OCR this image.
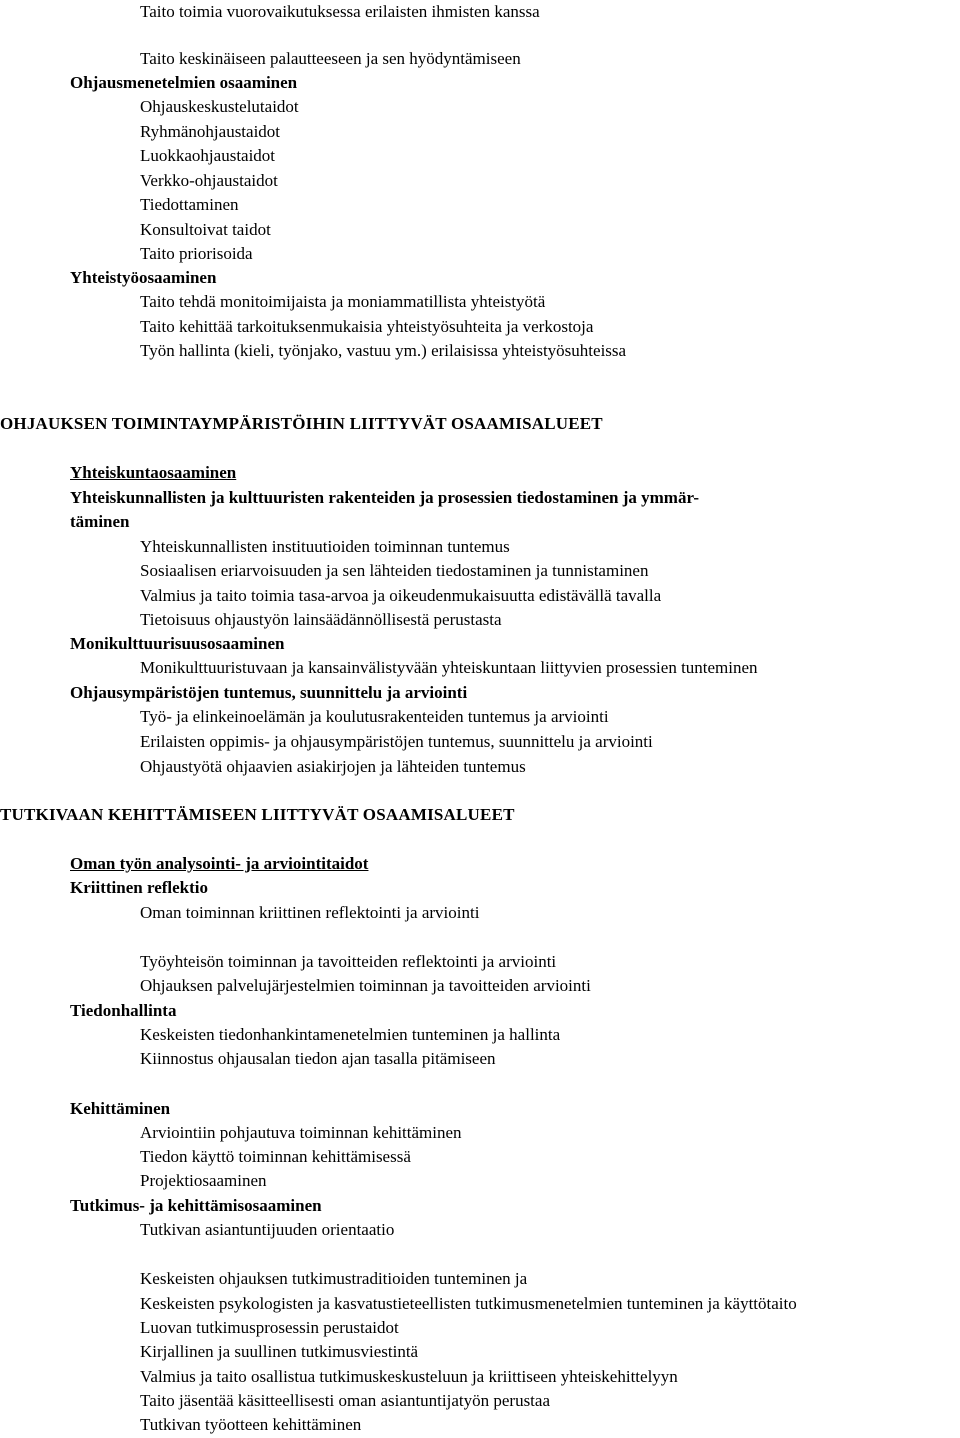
Taito toimia vuorovaikutuksessa erilaisten ihmisten kanssa
Taito keskinäiseen palautteeseen ja sen hyödyntämiseen
Ohjausmenetelmien osaaminen
Ohjauskeskustelutaidot
Ryhmänohjaustaidot
Luokkaohjaustaidot
Verkko-ohjaustaidot
Tiedottaminen
Konsultoivat taidot
Taito priorisoida
Yhteistyöosaaminen
Taito tehdä monitoimijaista ja moniammatillista yhteistyötä
Taito kehittää tarkoituksenmukaisia yhteistyösuhteita ja verkostoja
Työn hallinta (kieli, työnjako, vastuu ym.) erilaisissa yhteistyösuhteissa
OHJAUKSEN TOIMINTAYMPÄRISTÖIHIN LIITTYVÄT OSAAMISALUEET
Yhteiskuntaosaaminen
Yhteiskunnallisten ja kulttuuristen rakenteiden ja prosessien tiedostaminen ja ymmär-
täminen
Yhteiskunnallisten instituutioiden toiminnan tuntemus
Sosiaalisen eriarvoisuuden ja sen lähteiden tiedostaminen ja tunnistaminen
Valmius ja taito toimia tasa-arvoa ja oikeudenmukaisuutta edistävällä tavalla
Tietoisuus ohjaustyön lainsäädännöllisestä perustasta
Monikulttuurisuusosaaminen
Monikulttuuristuvaan ja kansainvälistyvään yhteiskuntaan liittyvien prosessien tunteminen
Ohjausympäristöjen tuntemus, suunnittelu ja arviointi
Työ- ja elinkeinoelämän ja koulutusrakenteiden tuntemus ja arviointi
Erilaisten oppimis- ja ohjausympäristöjen tuntemus, suunnittelu ja arviointi
Ohjaustyötä ohjaavien asiakirjojen ja lähteiden tuntemus
TUTKIVAAN KEHITTÄMISEEN LIITTYVÄT OSAAMISALUEET
Oman työn analysointi- ja arviointitaidot
Kriittinen reflektio
Oman toiminnan kriittinen reflektointi ja arviointi
Työyhteisön toiminnan ja tavoitteiden reflektointi ja arviointi
Ohjauksen palvelujärjestelmien toiminnan ja tavoitteiden arviointi
Tiedonhallinta
Keskeisten tiedonhankintamenetelmien tunteminen ja hallinta
Kiinnostus ohjausalan tiedon ajan tasalla pitämiseen
Kehittäminen
Arviointiin pohjautuva toiminnan kehittäminen
Tiedon käyttö toiminnan kehittämisessä
Projektiosaaminen
Tutkimus- ja kehittämisosaaminen
Tutkivan asiantuntijuuden orientaatio
Keskeisten ohjauksen tutkimustraditioiden tunteminen ja
Keskeisten psykologisten ja kasvatustieteellisten tutkimusmenetelmien tunteminen ja käyttötaito
Luovan tutkimusprosessin perustaidot
Kirjallinen ja suullinen tutkimusviestintä
Valmius ja taito osallistua tutkimuskeskusteluun ja kriittiseen yhteiskehittelyyn
Taito jäsentää käsitteellisesti oman asiantuntijatyön perustaa
Tutkivan työotteen kehittäminen
